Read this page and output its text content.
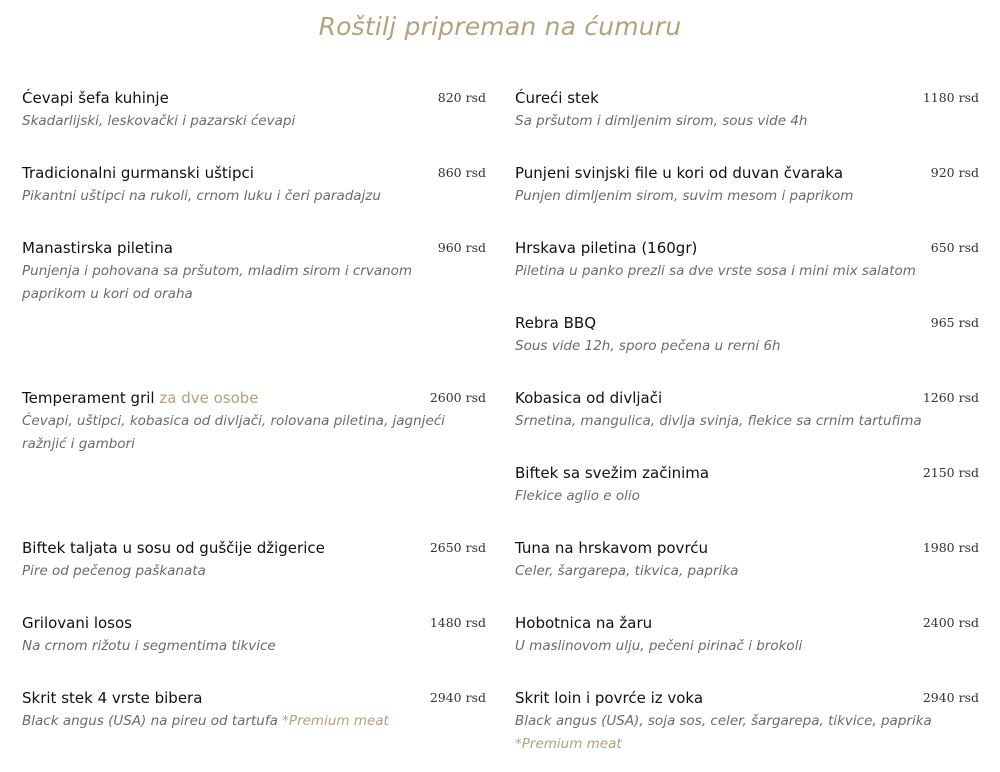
Roštilj pripreman na ćumuru
Ćevapi šefa kuhinje	820 rsd
Skadarlijski, leskovački i pazarski ćevapi
Tradicionalni gurmanski uštipci	860 rsd
Pikantni uštipci na rukoli, crnom luku i čeri paradajzu
Manastirska piletina	960 rsd
Punjenja i pohovana sa pršutom, mladim sirom i crvanom paprikom u kori od oraha
Temperament gril za dve osobe	2600 rsd
Ćevapi, uštipci, kobasica od divljači, rolovana piletina, jagnjeći ražnjić i gambori
Biftek taljata u sosu od guščije džigerice	2650 rsd
Pire od pečenog paškanata
Grilovani losos	1480 rsd
Na crnom rižotu i segmentima tikvice
Skrit stek 4 vrste bibera	2940 rsd
Black angus (USA) na pireu od tartufa *Premium meat
Ćureći stek	1180 rsd
Sa pršutom i dimljenim sirom, sous vide 4h
Punjeni svinjski file u kori od duvan čvaraka	920 rsd
Punjen dimljenim sirom, suvim mesom i paprikom
Hrskava piletina (160gr)	650 rsd
Piletina u panko prezli sa dve vrste sosa i mini mix salatom
Rebra BBQ	965 rsd
Sous vide 12h, sporo pečena u rerni 6h
Kobasica od divljači	1260 rsd
Srnetina, mangulica, divlja svinja, flekice sa crnim tartufima
Biftek sa svežim začinima	2150 rsd
Flekice aglio e olio
Tuna na hrskavom povrću	1980 rsd
Celer, šargarepa, tikvica, paprika
Hobotnica na žaru	2400 rsd
U maslinovom ulju, pečeni pirinač i brokoli
Skrit loin i povrće iz voka	2940 rsd
Black angus (USA), soja sos, celer, šargarepa, tikvice, paprika
*Premium meat
